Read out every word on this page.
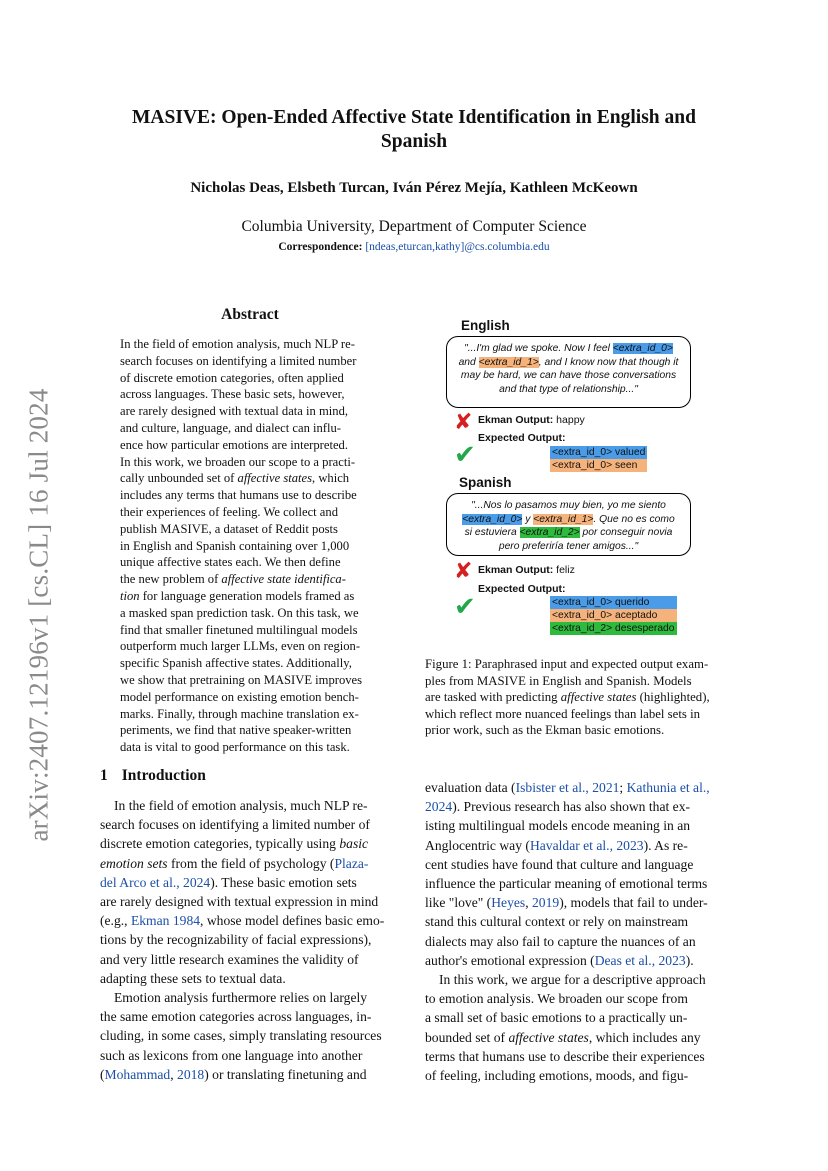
arXiv:2407.12196v1 [cs.CL] 16 Jul 2024
MASIVE: Open-Ended Affective State Identification in English and
Spanish
Nicholas Deas, Elsbeth Turcan, Iván Pérez Mejía, Kathleen McKeown
Columbia University, Department of Computer Science
Correspondence: [ndeas,eturcan,kathy]@cs.columbia.edu
Abstract

In the field of emotion analysis, much NLP re-

search focuses on identifying a limited number

of discrete emotion categories, often applied

across languages. These basic sets, however,

are rarely designed with textual data in mind,

and culture, language, and dialect can influ-

ence how particular emotions are interpreted.

In this work, we broaden our scope to a practi-

cally unbounded set of affective states, which

includes any terms that humans use to describe

their experiences of feeling. We collect and

publish MASIVE, a dataset of Reddit posts

in English and Spanish containing over 1,000

unique affective states each. We then define

the new problem of affective state identifica-

tion for language generation models framed as

a masked span prediction task. On this task, we

find that smaller finetuned multilingual models

outperform much larger LLMs, even on region-

specific Spanish affective states. Additionally,

we show that pretraining on MASIVE improves

model performance on existing emotion bench-

marks. Finally, through machine translation ex-

periments, we find that native speaker-written

data is vital to good performance on this task.

English
"...I'm glad we spoke. Now I feel <extra_id_0>
and <extra_id_1>, and I know now that though it
may be hard, we can have those conversations
and that type of relationship..."
✘ Ekman Output: happy
Expected Output:
✔	<extra_id_0> valued
<extra_id_0> seen
Spanish
"...Nos lo pasamos muy bien, yo me siento
<extra_id_0> y <extra_id_1>. Que no es como
si estuviera <extra_id_2> por conseguir novia
pero preferiría tener amigos..."
✘ Ekman Output: feliz
Expected Output:
✔	<extra_id_0> querido
<extra_id_0> aceptado
<extra_id_2> desesperado

Figure 1: Paraphrased input and expected output exam-

ples from MASIVE in English and Spanish. Models

are tasked with predicting affective states (highlighted),

which reflect more nuanced feelings than label sets in

prior work, such as the Ekman basic emotions.

1 Introduction

In the field of emotion analysis, much NLP re-

search focuses on identifying a limited number of

discrete emotion categories, typically using basic

emotion sets from the field of psychology (Plaza-

del Arco et al., 2024). These basic emotion sets

are rarely designed with textual expression in mind

(e.g., Ekman 1984, whose model defines basic emo-

tions by the recognizability of facial expressions),

and very little research examines the validity of

adapting these sets to textual data.

Emotion analysis furthermore relies on largely

the same emotion categories across languages, in-

cluding, in some cases, simply translating resources

such as lexicons from one language into another

(Mohammad, 2018) or translating finetuning and

evaluation data (Isbister et al., 2021; Kathunia et al.,

2024). Previous research has also shown that ex-

isting multilingual models encode meaning in an

Anglocentric way (Havaldar et al., 2023). As re-

cent studies have found that culture and language

influence the particular meaning of emotional terms

like "love" (Heyes, 2019), models that fail to under-

stand this cultural context or rely on mainstream

dialects may also fail to capture the nuances of an

author's emotional expression (Deas et al., 2023).

In this work, we argue for a descriptive approach

to emotion analysis. We broaden our scope from

a small set of basic emotions to a practically un-

bounded set of affective states, which includes any

terms that humans use to describe their experiences

of feeling, including emotions, moods, and figu-
